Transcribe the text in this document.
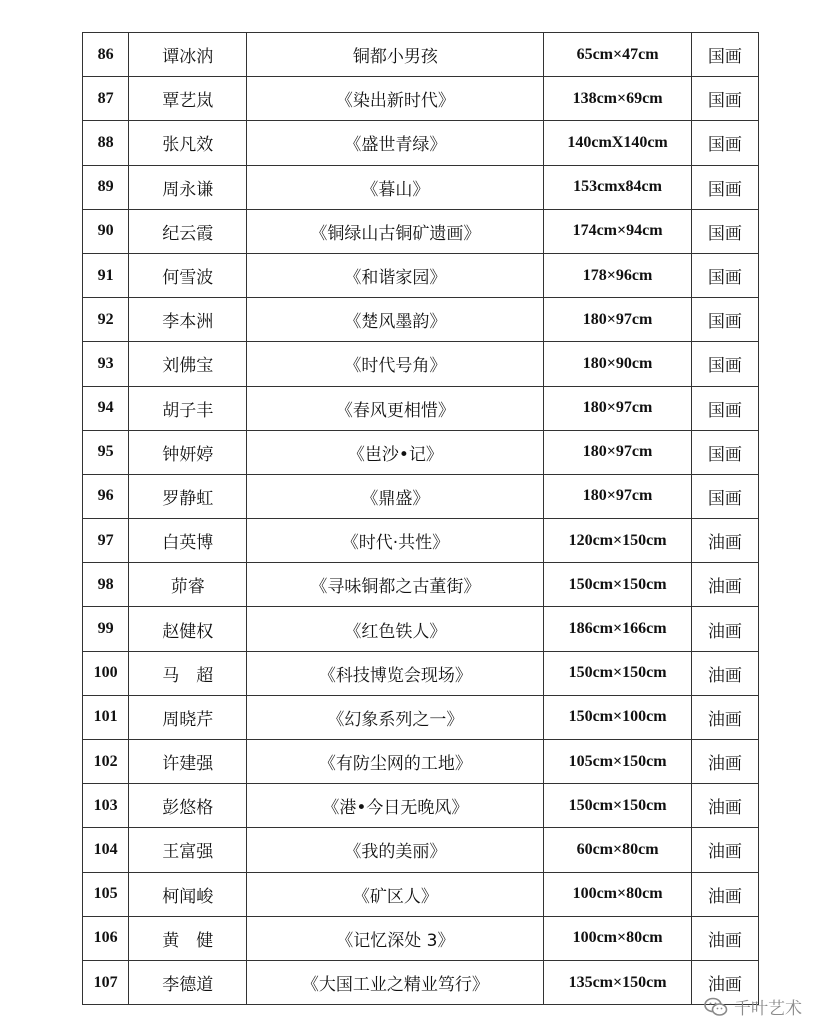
86	谭冰汭	铜都小男孩	65cm×47cm	国画
87	覃艺岚	《染出新时代》	138cm×69cm	国画
88	张凡效	《盛世青绿》	140cmX140cm	国画
89	周永谦	《暮山》	153cmx84cm	国画
90	纪云霞	《铜绿山古铜矿遗画》	174cm×94cm	国画
91	何雪波	《和谐家园》	178×96cm	国画
92	李本洲	《楚风墨韵》	180×97cm	国画
93	刘佛宝	《时代号角》	180×90cm	国画
94	胡子丰	《春风更相惜》	180×97cm	国画
95	钟妍婷	《岜沙•记》	180×97cm	国画
96	罗静虹	《鼎盛》	180×97cm	国画
97	白英博	《时代·共性》	120cm×150cm	油画
98	茆睿	《寻味铜都之古董街》	150cm×150cm	油画
99	赵健权	《红色铁人》	186cm×166cm	油画
100	马　超	《科技博览会现场》	150cm×150cm	油画
101	周晓芹	《幻象系列之一》	150cm×100cm	油画
102	许建强	《有防尘网的工地》	105cm×150cm	油画
103	彭悠格	《港•今日无晚风》	150cm×150cm	油画
104	王富强	《我的美丽》	60cm×80cm	油画
105	柯闻峻	《矿区人》	100cm×80cm	油画
106	黄　健	《记忆深处 3》	100cm×80cm	油画
107	李德道	《大国工业之精业笃行》	135cm×150cm	油画
千叶艺术
